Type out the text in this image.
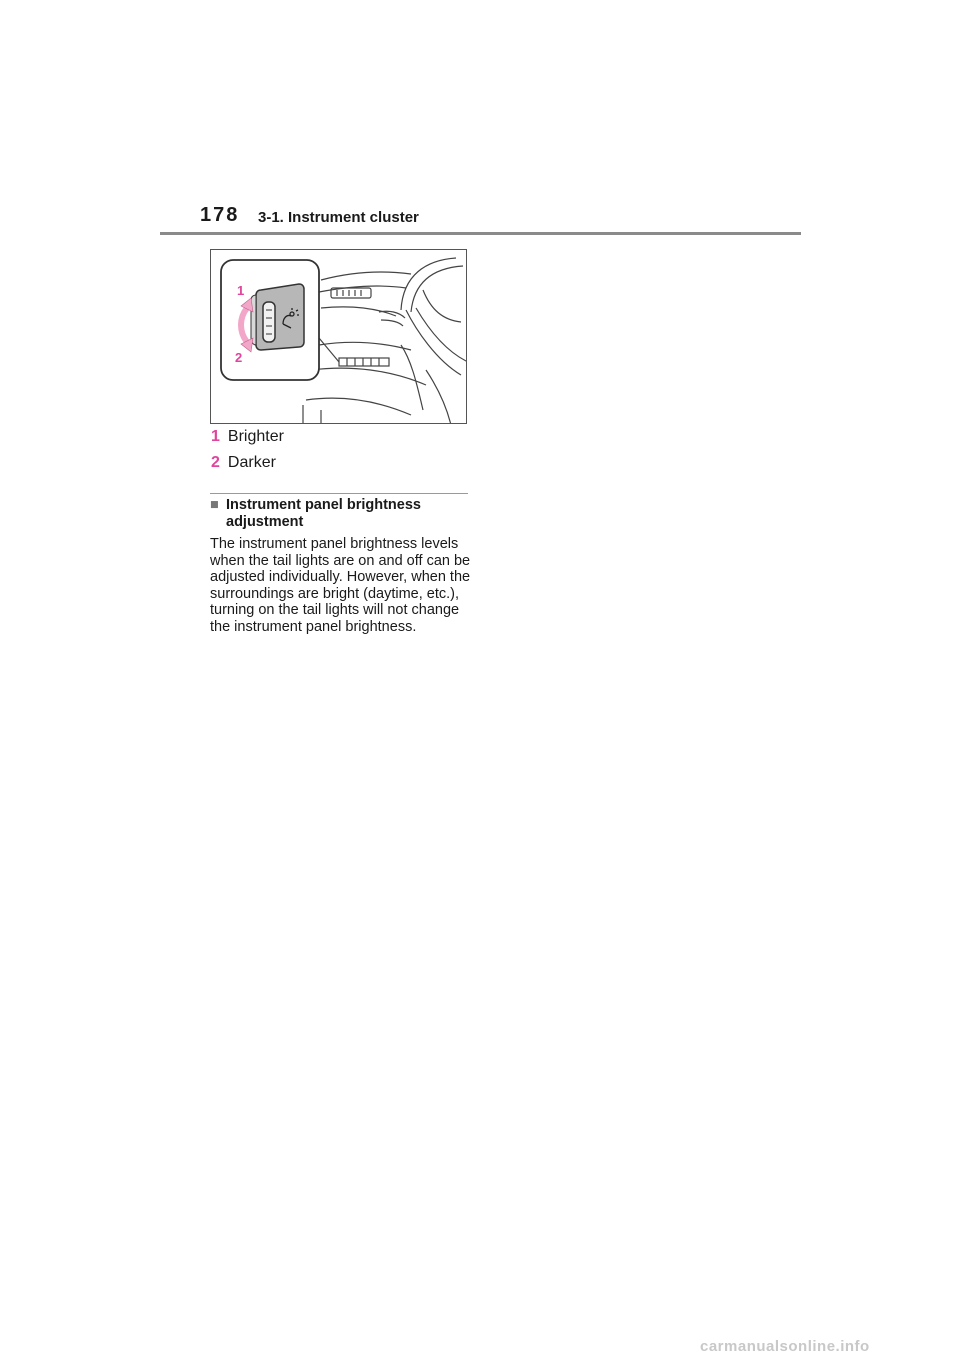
178 3-1. Instrument cluster
1
2
1 Brighter
2 Darker
■ Instrument panel brightness adjustment
The instrument panel brightness levels when the tail lights are on and off can be adjusted individually. However, when the surroundings are bright (daytime, etc.), turning on the tail lights will not change the instrument panel brightness.
carmanualsonline.info
